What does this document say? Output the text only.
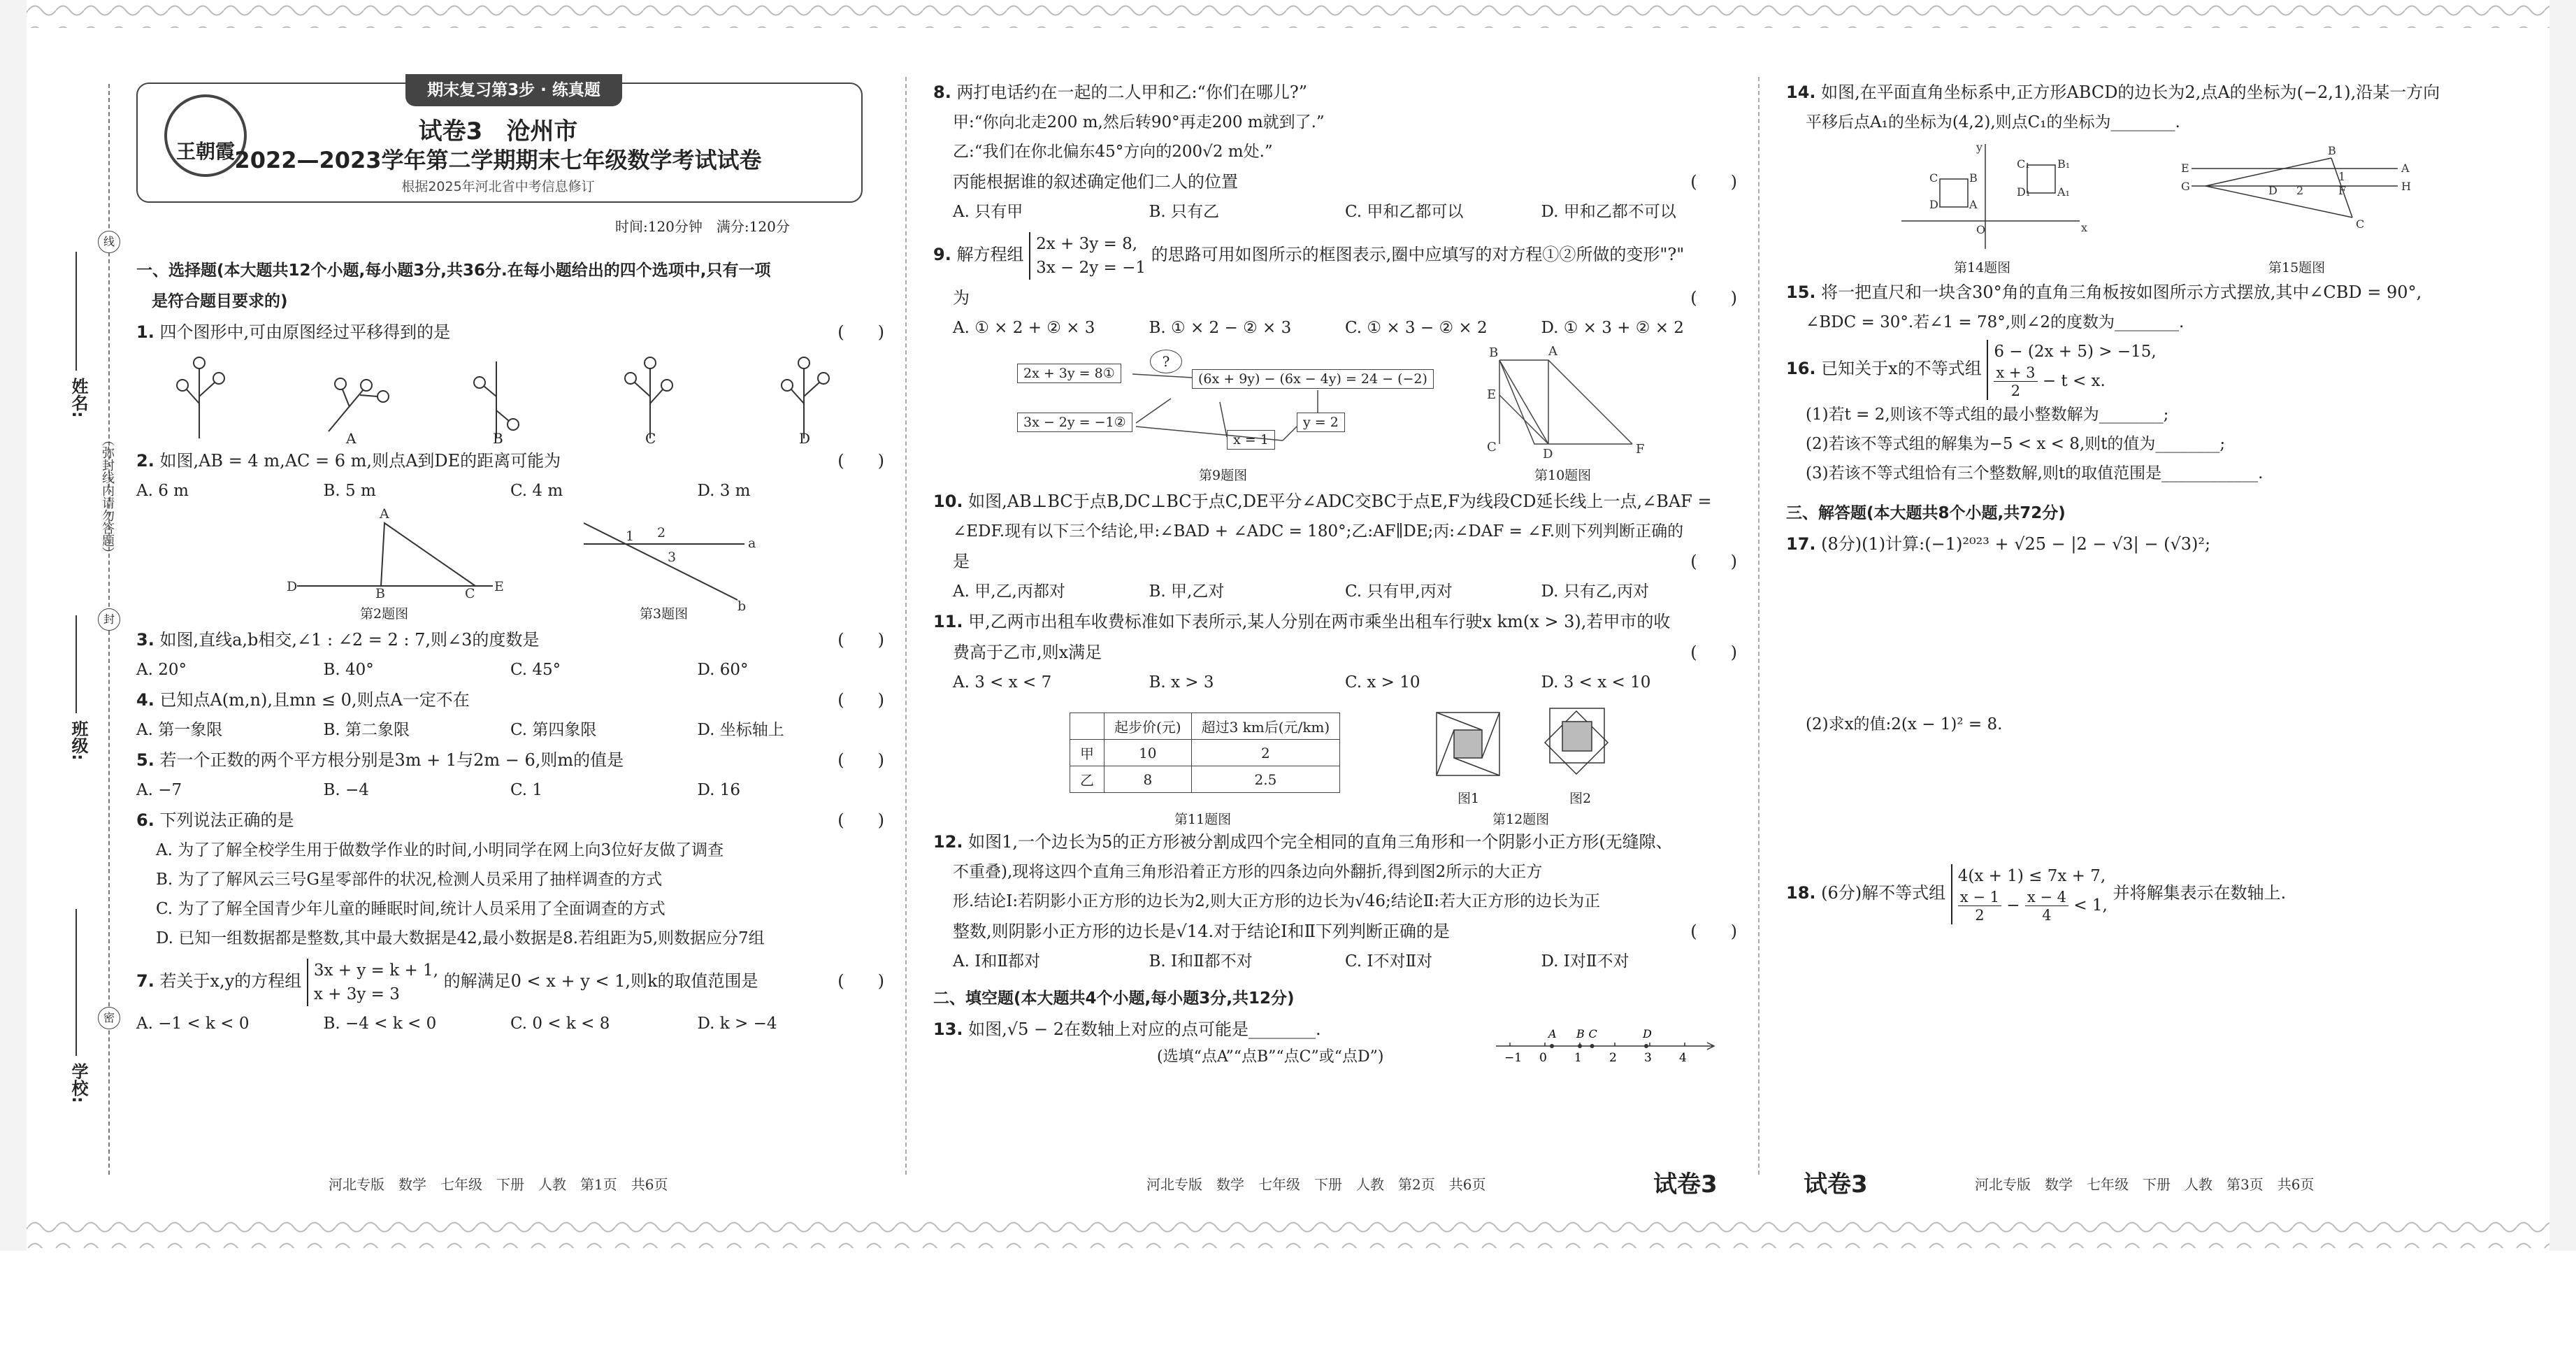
线
封
密
姓名:
（弥封线内请勿答题）
班级:
学校:
期末复习第3步 · 练真题
王朝霞
试卷3　沧州市
2022—2023学年第二学期期末七年级数学考试试卷
根据2025年河北省中考信息修订
时间:120分钟　满分:120分
一、选择题(本大题共12个小题,每小题3分,共36分.在每小题给出的四个选项中,只有一项
是符合题目要求的)
1. 四个图形中,可由原图经过平移得到的是	(　　)
A	B	C	D
2. 如图,AB = 4 m,AC = 6 m,则点A到DE的距离可能为	(　　)
A. 6 m	B. 5 m	C. 4 m	D. 3 m
D
A
B	C E
1 2
3
a
b
第2题图	第3题图
3. 如图,直线a,b相交,∠1 : ∠2 = 2 : 7,则∠3的度数是	(　　)
A. 20°	B. 40°	C. 45°	D. 60°
4. 已知点A(m,n),且mn ≤ 0,则点A一定不在	(　　)
A. 第一象限	B. 第二象限	C. 第四象限	D. 坐标轴上
5. 若一个正数的两个平方根分别是3m + 1与2m − 6,则m的值是	(　　)
A. −7	B. −4	C. 1	D. 16
6. 下列说法正确的是	(　　)
A. 为了了解全校学生用于做数学作业的时间,小明同学在网上向3位好友做了调查
B. 为了了解风云三号G星零部件的状况,检测人员采用了抽样调查的方式
C. 为了了解全国青少年儿童的睡眠时间,统计人员采用了全面调查的方式
D. 已知一组数据都是整数,其中最大数据是42,最小数据是8.若组距为5,则数据应分7组
7. 若关于x,y的方程组 3x + y = k + 1,
x + 3y = 3 的解满足0 < x + y < 1,则k的取值范围是	(　　)
A. −1 < k < 0	B. −4 < k < 0	C. 0 < k < 8	D. k > −4
河北专版　数学　七年级　下册　人教　第1页　共6页
8. 两打电话约在一起的二人甲和乙:“你们在哪儿?”
甲:“你向北走200 m,然后转90°再走200 m就到了.”
乙:“我们在你北偏东45°方向的200√2 m处.”
丙能根据谁的叙述确定他们二人的位置	(　　)
A. 只有甲	B. 只有乙	C. 甲和乙都可以	D. 甲和乙都不可以
9. 解方程组 2x + 3y = 8,
3x − 2y = −1 的思路可用如图所示的框图表示,圈中应填写的对方程①②所做的变形"?"
为	(　　)
A. ① × 2 + ② × 3	B. ① × 2 − ② × 3	C. ① × 3 − ② × 2	D. ① × 3 + ② × 2
2x + 3y = 8①
3x − 2y = −1②
?
(6x + 9y) − (6x − 4y) = 24 − (−2)
x = 1
y = 2
B	A
E
C	D	F
第9题图	第10题图
10. 如图,AB⊥BC于点B,DC⊥BC于点C,DE平分∠ADC交BC于点E,F为线段CD延长线上一点,∠BAF =
∠EDF.现有以下三个结论,甲:∠BAD + ∠ADC = 180°;乙:AF∥DE;丙:∠DAF = ∠F.则下列判断正确的
是	(　　)
A. 甲,乙,丙都对	B. 甲,乙对	C. 只有甲,丙对	D. 只有乙,丙对
11. 甲,乙两市出租车收费标准如下表所示,某人分别在两市乘坐出租车行驶x km(x > 3),若甲市的收
费高于乙市,则x满足	(　　)
A. 3 < x < 7	B. x > 3	C. x > 10	D. 3 < x < 10
	起步价(元)	超过3 km后(元/km)
甲	10	2
乙	8	2.5
第11题图
图1	图2
第12题图
12. 如图1,一个边长为5的正方形被分割成四个完全相同的直角三角形和一个阴影小正方形(无缝隙、
不重叠),现将这四个直角三角形沿着正方形的四条边向外翻折,得到图2所示的大正方
形.结论Ⅰ:若阴影小正方形的边长为2,则大正方形的边长为√46;结论Ⅱ:若大正方形的边长为正
整数,则阴影小正方形的边长是√14.对于结论Ⅰ和Ⅱ下列判断正确的是	(　　)
A. Ⅰ和Ⅱ都对	B. Ⅰ和Ⅱ都不对	C. Ⅰ不对Ⅱ对	D. Ⅰ对Ⅱ不对
二、填空题(本大题共4个小题,每小题3分,共12分)
13. 如图,√5 − 2在数轴上对应的点可能是________.
(选填“点A”“点B”“点C”或“点D”)	−1 0 1 2 3 4
A B C	D
河北专版　数学　七年级　下册　人教　第2页　共6页	试卷3
14. 如图,在平面直角坐标系中,正方形ABCD的边长为2,点A的坐标为(−2,1),沿某一方向
平移后点A₁的坐标为(4,2),则点C₁的坐标为________.
C	B
D	A
C₁ B₁
D₁ A₁
y
x
O
E
G
A
H
B
D 2
1
F
C
第14题图	第15题图
15. 将一把直尺和一块含30°角的直角三角板按如图所示方式摆放,其中∠CBD = 90°,
∠BDC = 30°.若∠1 = 78°,则∠2的度数为________.
16. 已知关于x的不等式组 6 − (2x + 5) > −15,
$\frac{x + 3}{2} - t < x$.
(1)若t = 2,则该不等式组的最小整数解为________;
(2)若该不等式组的解集为−5 < x < 8,则t的值为________;
(3)若该不等式组恰有三个整数解,则t的取值范围是____________.
三、解答题(本大题共8个小题,共72分)
17. (8分)(1)计算:(−1)²⁰²³ + √25 − |2 − √3| − (√3)²;
(2)求x的值:2(x − 1)² = 8.
18. (6分)解不等式组 4(x + 1) ≤ 7x + 7,
$\frac{x - 1}{2} - \frac{x - 4}{4} < 1$, 并将解集表示在数轴上.
试卷3	河北专版　数学　七年级　下册　人教　第3页　共6页
